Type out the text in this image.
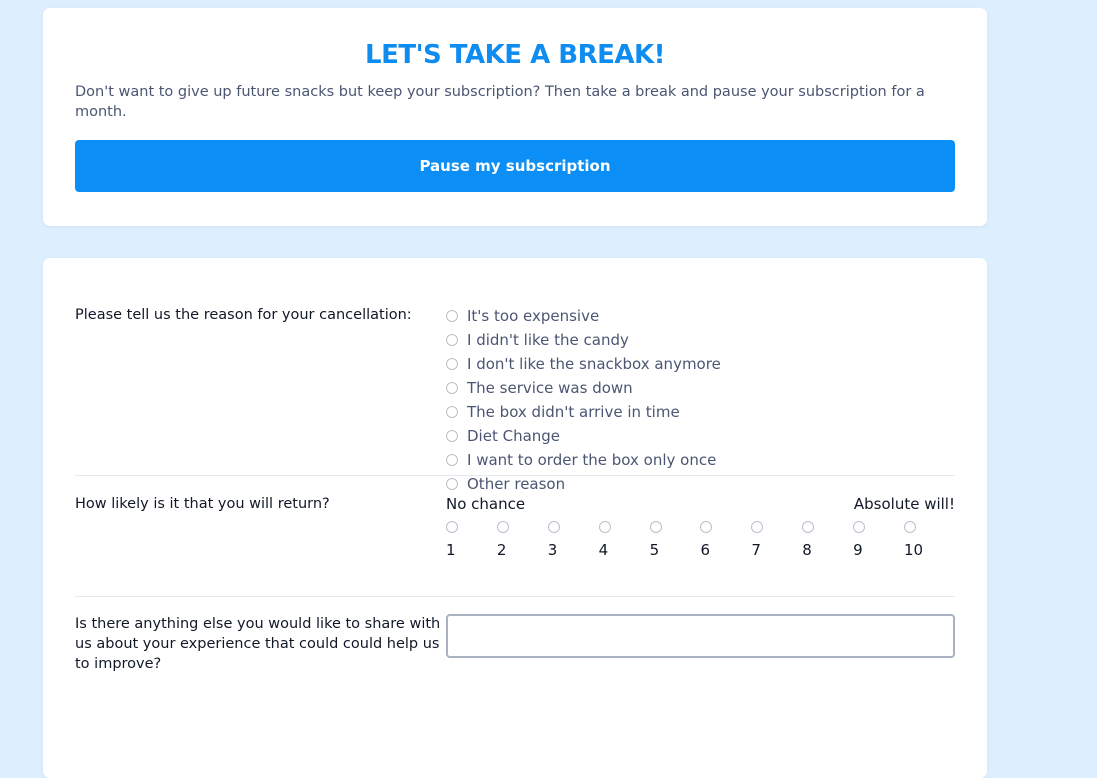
LET'S TAKE A BREAK!

Don't want to give up future snacks but keep your subscription? Then take a break and pause your subscription for a month.

Pause my subscription
Please tell us the reason for your cancellation:	It's too expensive
I didn't like the candy
I don't like the snackbox anymore
The service was down
The box didn't arrive in time
Diet Change
I want to order the box only once
Other reason
How likely is it that you will return?	No chance	Absolute will!
1	2	3	4	5	6	7	8	9	10
Is there anything else you would like to share with us about your experience that could could help us to improve?
